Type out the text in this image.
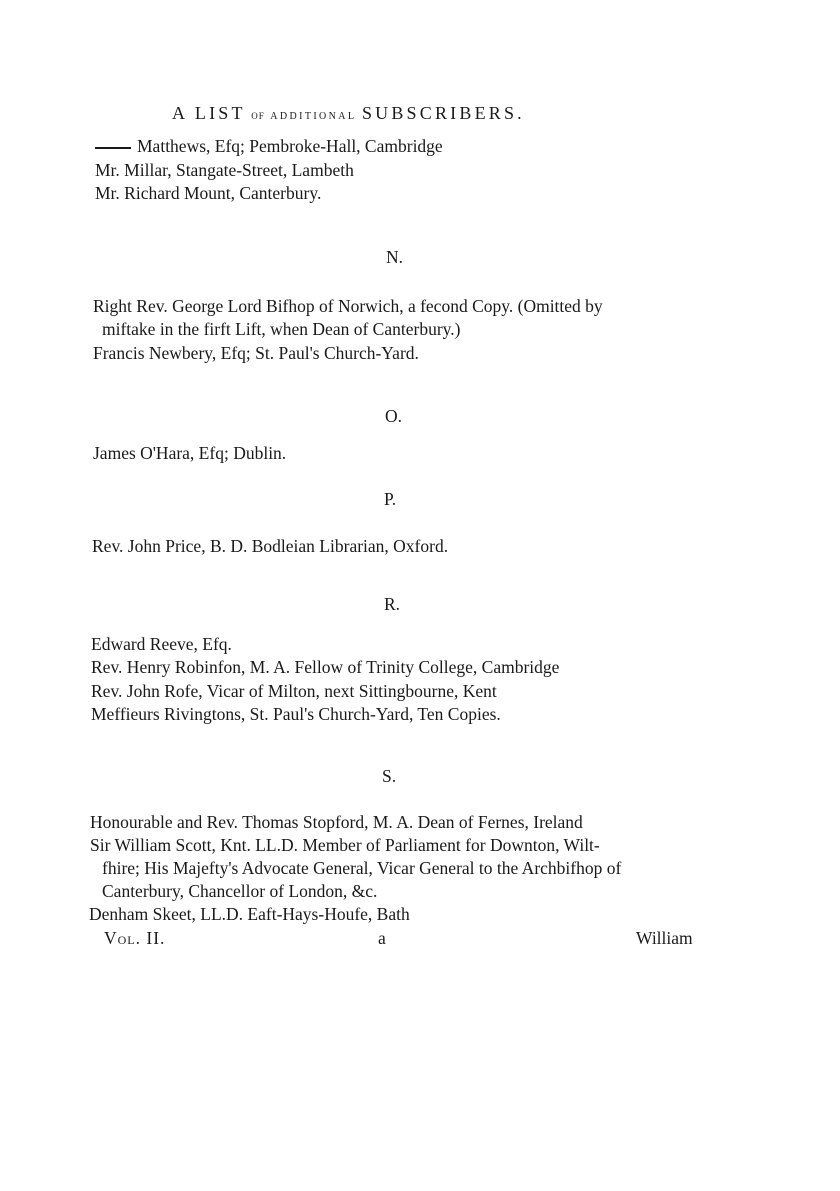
A LIST OF ADDITIONAL SUBSCRIBERS.
Matthews, Efq; Pembroke-Hall, Cambridge
Mr. Millar, Stangate-Street, Lambeth
Mr. Richard Mount, Canterbury.
N.
Right Rev. George Lord Bifhop of Norwich, a fecond Copy. (Omitted by
miftake in the firft Lift, when Dean of Canterbury.)
Francis Newbery, Efq; St. Paul's Church-Yard.
O.
James O'Hara, Efq; Dublin.
P.
Rev. John Price, B. D. Bodleian Librarian, Oxford.
R.
Edward Reeve, Efq.
Rev. Henry Robinfon, M. A. Fellow of Trinity College, Cambridge
Rev. John Rofe, Vicar of Milton, next Sittingbourne, Kent
Meffieurs Rivingtons, St. Paul's Church-Yard, Ten Copies.
S.
Honourable and Rev. Thomas Stopford, M. A. Dean of Fernes, Ireland
Sir William Scott, Knt. LL.D. Member of Parliament for Downton, Wilt-
fhire; His Majefty's Advocate General, Vicar General to the Archbifhop of
Canterbury, Chancellor of London, &c.
Denham Skeet, LL.D. Eaft-Hays-Houfe, Bath
Vol. II.	a	William
